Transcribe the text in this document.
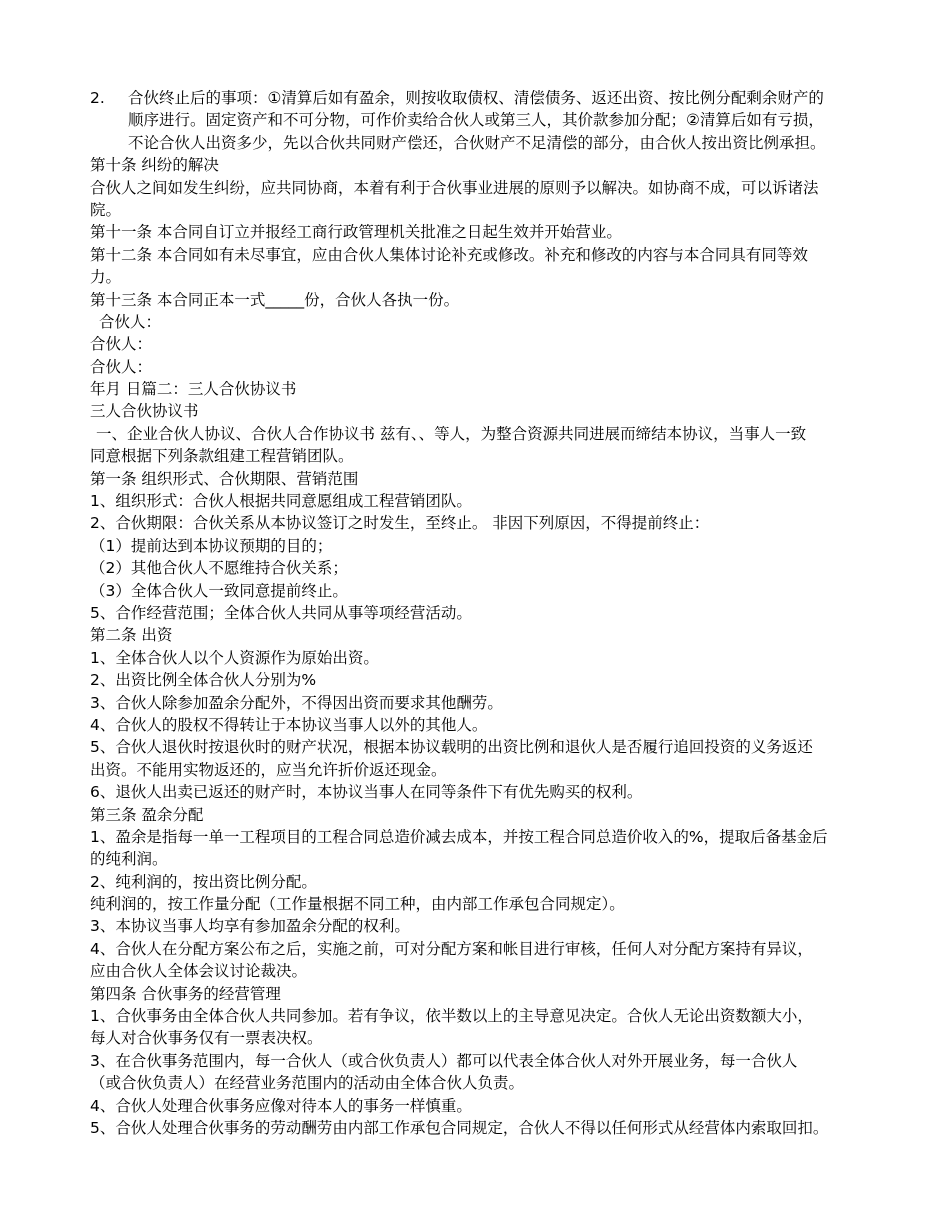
2.	合伙终止后的事项：①清算后如有盈余，则按收取债权、清偿债务、返还出资、按比例分配剩余财产的
顺序进行。固定资产和不可分物，可作价卖给合伙人或第三人，其价款参加分配；②清算后如有亏损，
不论合伙人出资多少，先以合伙共同财产偿还，合伙财产不足清偿的部分，由合伙人按出资比例承担。
第十条 纠纷的解决
合伙人之间如发生纠纷，应共同协商，本着有利于合伙事业进展的原则予以解决。如协商不成，可以诉诸法
院。
第十一条 本合同自订立并报经工商行政管理机关批准之日起生效并开始营业。
第十二条 本合同如有未尽事宜，应由合伙人集体讨论补充或修改。补充和修改的内容与本合同具有同等效
力。
第十三条 本合同正本一式_____份，合伙人各执一份。
合伙人：
合伙人：
合伙人：
年月 日篇二：三人合伙协议书
三人合伙协议书
一、企业合伙人协议、合伙人合作协议书 兹有、、等人，为整合资源共同进展而缔结本协议，当事人一致
同意根据下列条款组建工程营销团队。
第一条 组织形式、合伙期限、营销范围
1、组织形式：合伙人根据共同意愿组成工程营销团队。
2、合伙期限：合伙关系从本协议签订之时发生，至终止。 非因下列原因，不得提前终止：
（1）提前达到本协议预期的目的；
（2）其他合伙人不愿维持合伙关系；
（3）全体合伙人一致同意提前终止。
5、合作经营范围；全体合伙人共同从事等项经营活动。
第二条 出资
1、全体合伙人以个人资源作为原始出资。
2、出资比例全体合伙人分别为%
3、合伙人除参加盈余分配外，不得因出资而要求其他酬劳。
4、合伙人的股权不得转让于本协议当事人以外的其他人。
5、合伙人退伙时按退伙时的财产状况，根据本协议载明的出资比例和退伙人是否履行追回投资的义务返还
出资。不能用实物返还的，应当允许折价返还现金。
6、退伙人出卖已返还的财产时，本协议当事人在同等条件下有优先购买的权利。
第三条 盈余分配
1、盈余是指每一单一工程项目的工程合同总造价减去成本，并按工程合同总造价收入的%，提取后备基金后
的纯利润。
2、纯利润的，按出资比例分配。
纯利润的，按工作量分配（工作量根据不同工种，由内部工作承包合同规定）。
3、本协议当事人均享有参加盈余分配的权利。
4、合伙人在分配方案公布之后，实施之前，可对分配方案和帐目进行审核，任何人对分配方案持有异议，
应由合伙人全体会议讨论裁决。
第四条 合伙事务的经营管理
1、合伙事务由全体合伙人共同参加。若有争议，依半数以上的主导意见决定。合伙人无论出资数额大小，
每人对合伙事务仅有一票表决权。
3、在合伙事务范围内，每一合伙人（或合伙负责人）都可以代表全体合伙人对外开展业务，每一合伙人
（或合伙负责人）在经营业务范围内的活动由全体合伙人负责。
4、合伙人处理合伙事务应像对待本人的事务一样慎重。
5、合伙人处理合伙事务的劳动酬劳由内部工作承包合同规定，合伙人不得以任何形式从经营体内索取回扣。
